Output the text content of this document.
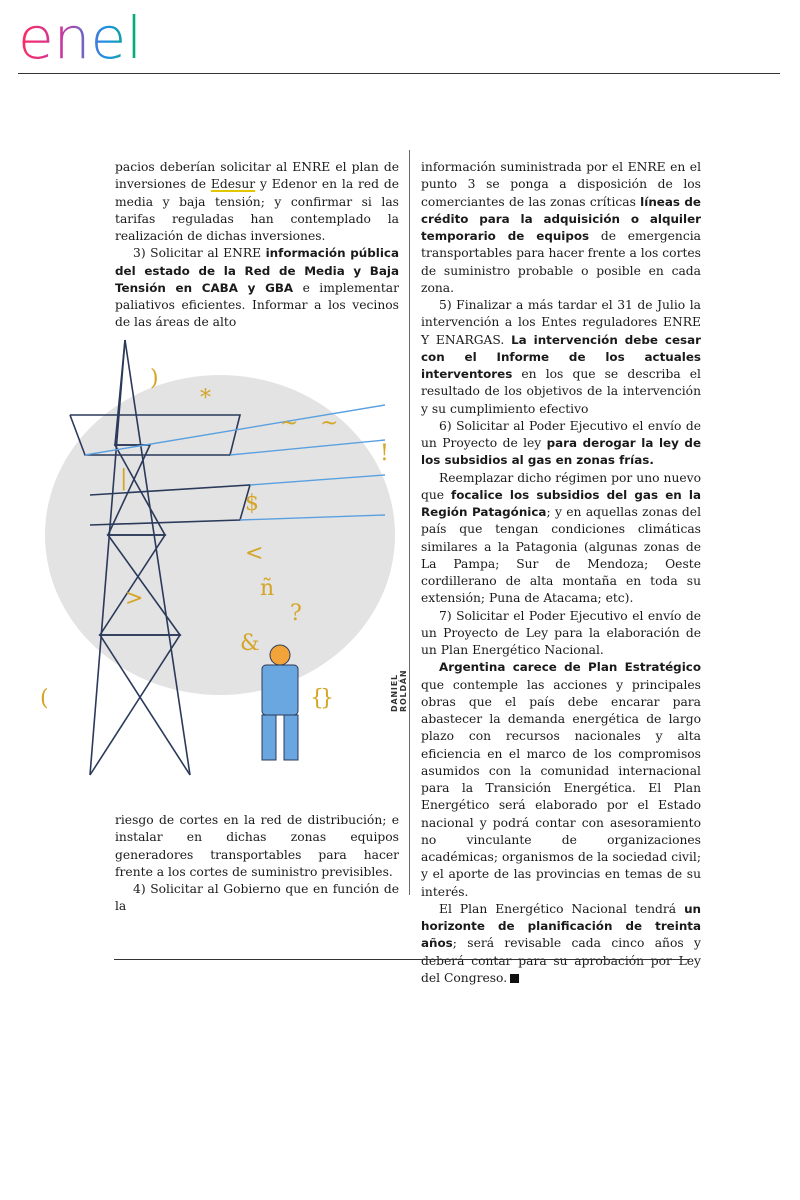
enel

pacios deberían solicitar al ENRE el plan de inversiones de Edesur y Edenor en la red de media y baja tensión; y confirmar si las tarifas reguladas han contemplado la realización de dichas inversiones.

3) Solicitar al ENRE información pública del estado de la Red de Media y Baja Tensión en CABA y GBA e implementar paliativos eficientes. Informar a los vecinos de las áreas de alto

~ ~
!
$
<
>
&
?
(	{
}
ñ
*
)
|
DANIEL ROLDÁN

riesgo de cortes en la red de distribución; e instalar en dichas zonas equipos generadores transportables para hacer frente a los cortes de suministro previsibles.

4) Solicitar al Gobierno que en función de la

información suministrada por el ENRE en el punto 3 se ponga a disposición de los comerciantes de las zonas críticas líneas de crédito para la adquisición o alquiler temporario de equipos de emergencia transportables para hacer frente a los cortes de suministro probable o posible en cada zona.

5) Finalizar a más tardar el 31 de Julio la intervención a los Entes reguladores ENRE Y ENARGAS. La intervención debe cesar con el Informe de los actuales interventores en los que se describa el resultado de los objetivos de la intervención y su cumplimiento efectivo

6) Solicitar al Poder Ejecutivo el envío de un Proyecto de ley para derogar la ley de los subsidios al gas en zonas frías.

Reemplazar dicho régimen por uno nuevo que focalice los subsidios del gas en la Región Patagónica; y en aquellas zonas del país que tengan condiciones climáticas similares a la Patagonia (algunas zonas de La Pampa; Sur de Mendoza; Oeste cordillerano de alta montaña en toda su extensión; Puna de Atacama; etc).

7) Solicitar el Poder Ejecutivo el envío de un Proyecto de Ley para la elaboración de un Plan Energético Nacional.

Argentina carece de Plan Estratégico que contemple las acciones y principales obras que el país debe encarar para abastecer la demanda energética de largo plazo con recursos nacionales y alta eficiencia en el marco de los compromisos asumidos con la comunidad internacional para la Transición Energética. El Plan Energético será elaborado por el Estado nacional y podrá contar con asesoramiento no vinculante de organizaciones académicas; organismos de la sociedad civil; y el aporte de las provincias en temas de su interés.

El Plan Energético Nacional tendrá un horizonte de planificación de treinta años; será revisable cada cinco años y deberá contar para su aprobación por Ley del Congreso.
